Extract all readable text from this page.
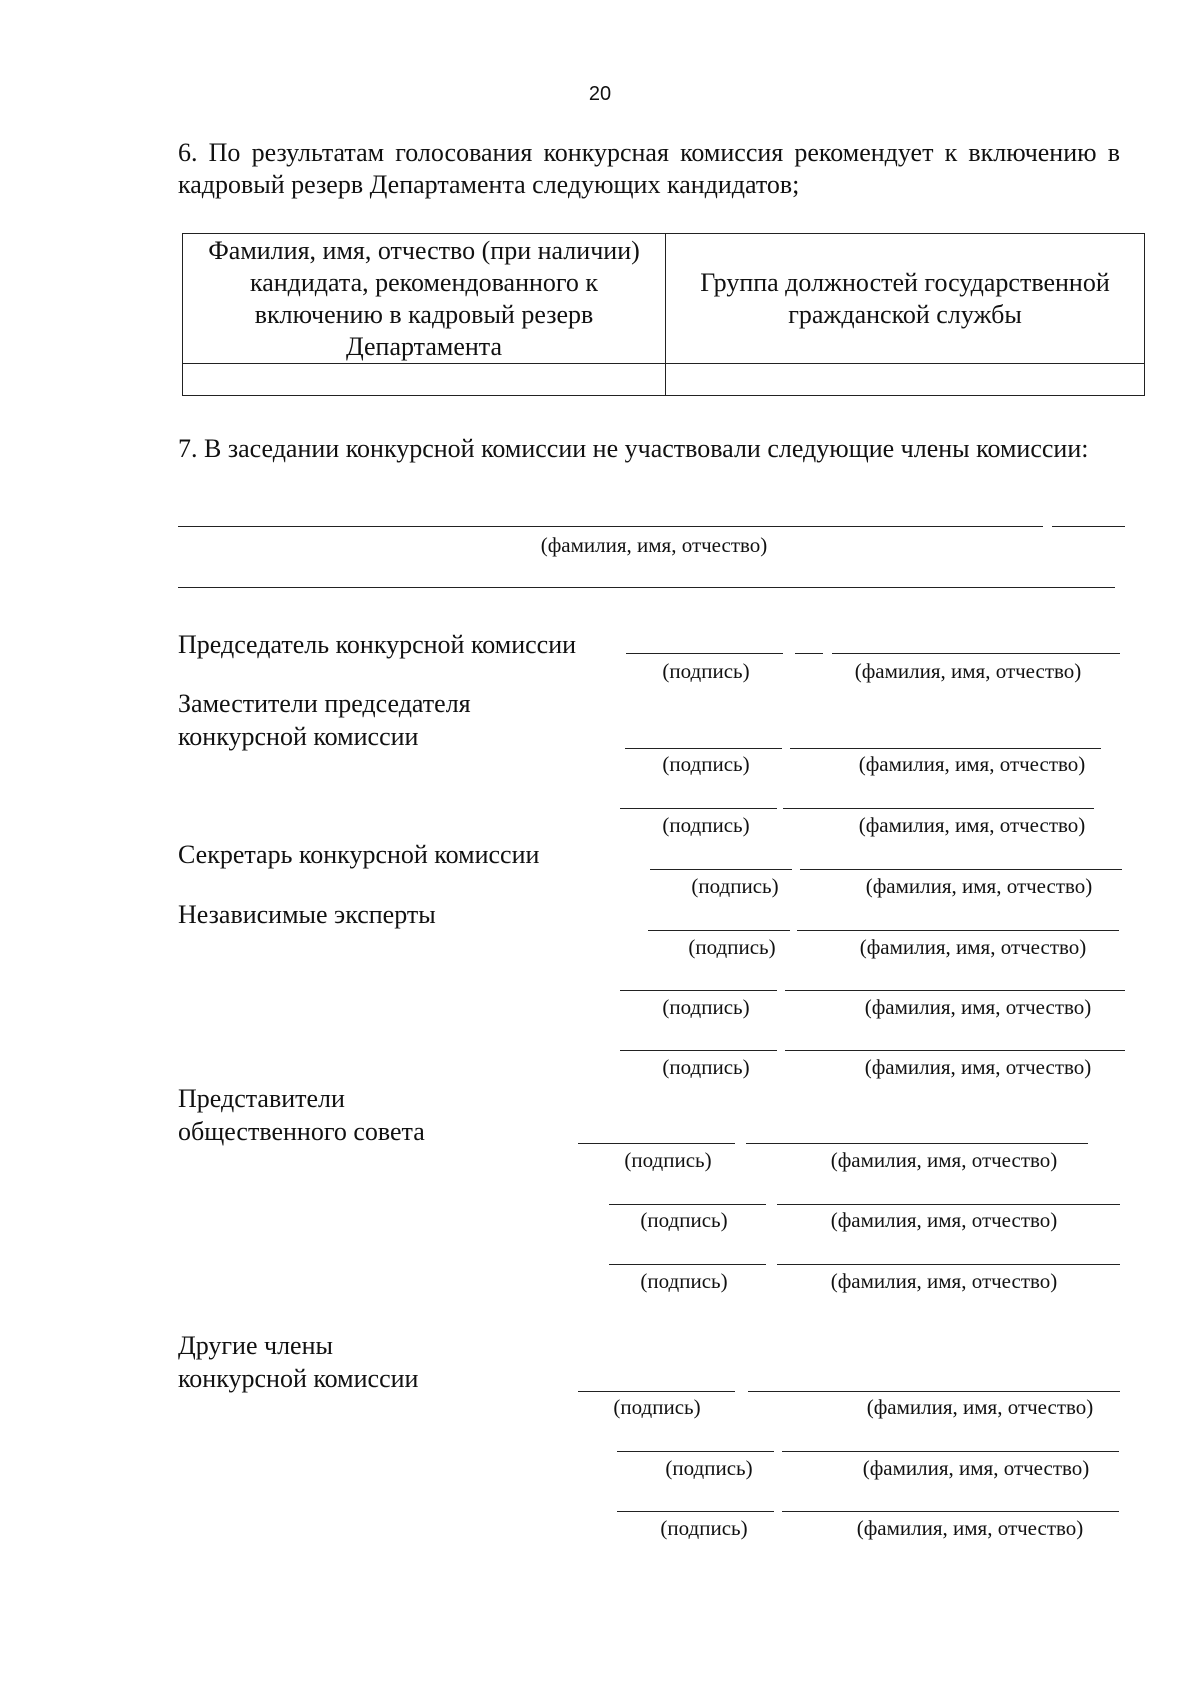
20
6. По результатам голосования конкурсная комиссия рекомендует к включению в кадровый резерв Департамента следующих кандидатов;
Фамилия, имя, отчество (при наличии) кандидата, рекомендованного к включению в кадровый резерв Департамента	Группа должностей государственной гражданской службы

7. В заседании конкурсной комиссии не участвовали следующие члены комиссии:
(фамилия, имя, отчество)
Председатель конкурсной комиссии
(подпись)	(фамилия, имя, отчество)
Заместители председателя
конкурсной комиссии
(подпись)	(фамилия, имя, отчество)
(подпись)	(фамилия, имя, отчество)
Секретарь конкурсной комиссии
(подпись)	(фамилия, имя, отчество)
Независимые эксперты
(подпись)	(фамилия, имя, отчество)
(подпись)	(фамилия, имя, отчество)
(подпись)	(фамилия, имя, отчество)
Представители
общественного совета
(подпись)	(фамилия, имя, отчество)
(подпись)	(фамилия, имя, отчество)
(подпись)	(фамилия, имя, отчество)
Другие члены
конкурсной комиссии
(подпись)	(фамилия, имя, отчество)
(подпись)	(фамилия, имя, отчество)
(подпись)	(фамилия, имя, отчество)
